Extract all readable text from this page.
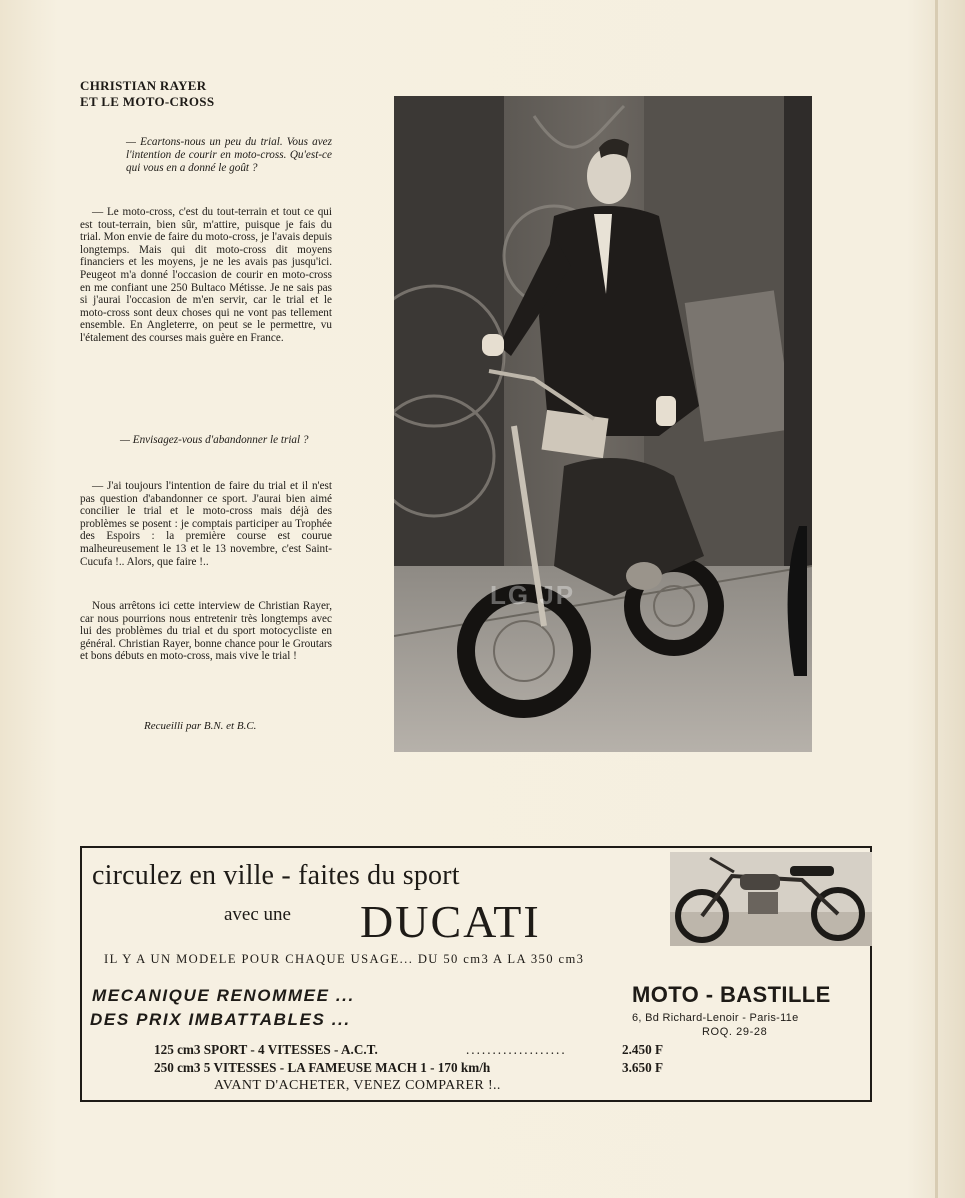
CHRISTIAN RAYER
ET LE MOTO-CROSS

— Ecartons-nous un peu du trial. Vous avez l'intention de courir en moto-cross. Qu'est-ce qui vous en a donné le goût ?

— Le moto-cross, c'est du tout-terrain et tout ce qui est tout-terrain, bien sûr, m'attire, puisque je fais du trial. Mon envie de faire du moto-cross, je l'avais depuis longtemps. Mais qui dit moto-cross dit moyens financiers et les moyens, je ne les avais pas jusqu'ici. Peugeot m'a donné l'occasion de courir en moto-cross en me confiant une 250 Bultaco Métisse. Je ne sais pas si j'aurai l'occasion de m'en servir, car le trial et le moto-cross sont deux choses qui ne vont pas tellement ensemble. En Angleterre, on peut se le permettre, vu l'étalement des courses mais guère en France.

— Envisagez-vous d'abandonner le trial ?

— J'ai toujours l'intention de faire du trial et il n'est pas question d'abandonner ce sport. J'aurai bien aimé concilier le trial et le moto-cross mais déjà des problèmes se posent : je comptais participer au Trophée des Espoirs : la première course est courue malheureusement le 13 et le 13 novembre, c'est Saint-Cucufa !.. Alors, que faire !..

Nous arrêtons ici cette interview de Christian Rayer, car nous pourrions nous entretenir très longtemps avec lui des problèmes du trial et du sport motocycliste en général. Christian Rayer, bonne chance pour le Groutars et bons débuts en moto-cross, mais vive le trial !

Recueilli par B.N. et B.C.
circulez en ville - faites du sport
avec une DUCATI
IL Y A UN MODELE POUR CHAQUE USAGE... DU 50 cm3 A LA 350 cm3
MECANIQUE RENOMMEE ...
DES PRIX IMBATTABLES ...
MOTO - BASTILLE
6, Bd Richard-Lenoir - Paris-11e
ROQ. 29-28
125 cm3 SPORT - 4 VITESSES - A.C.T.	...................	2.450 F
250 cm3 5 VITESSES - LA FAMEUSE MACH 1 - 170 km/h	3.650 F
AVANT D'ACHETER, VENEZ COMPARER !..
LG JP
